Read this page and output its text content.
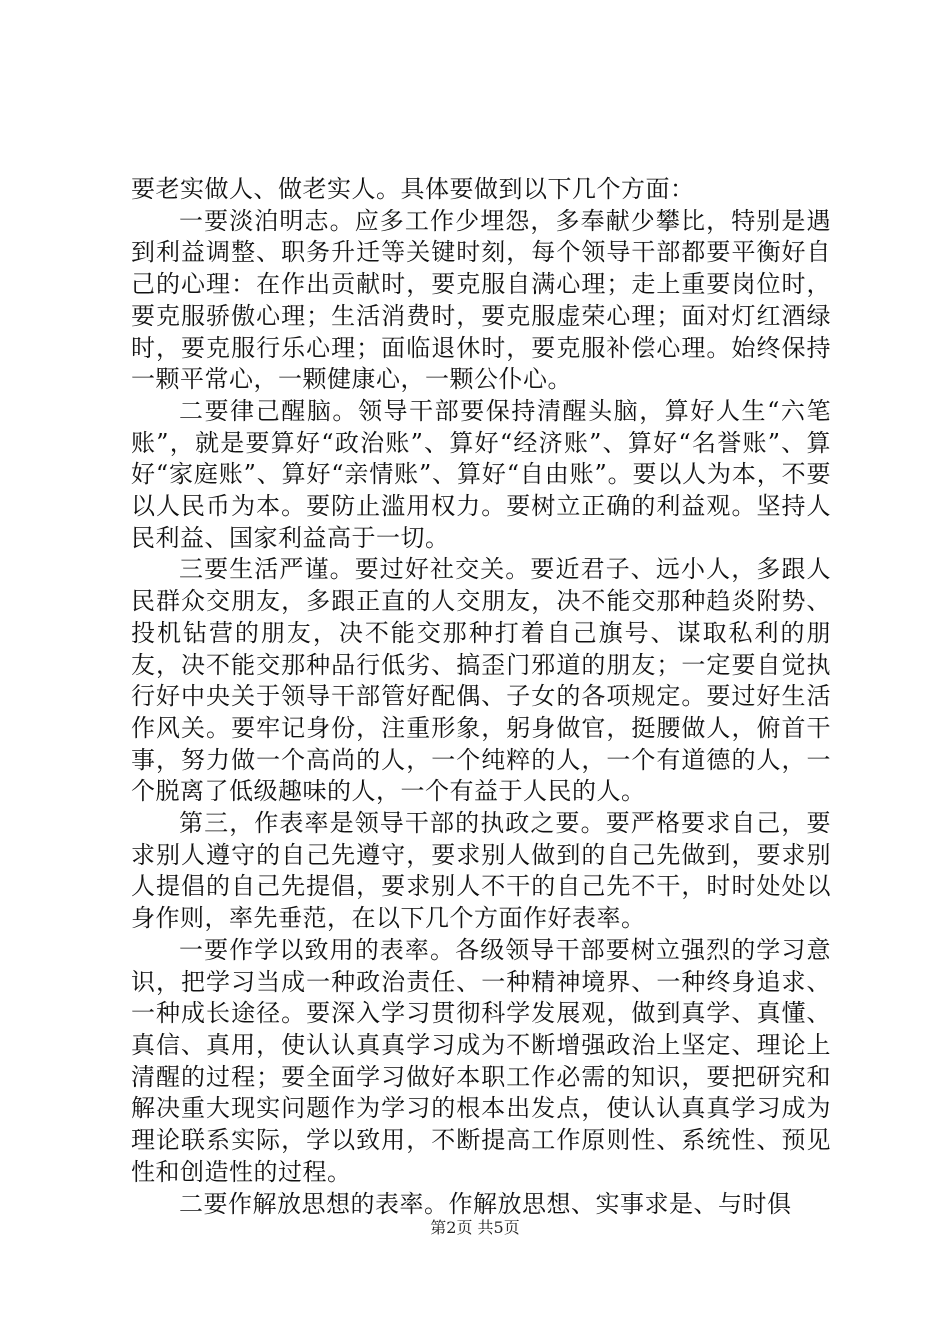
要老实做人、做老实人。具体要做到以下几个方面：

一要淡泊明志。应多工作少埋怨，多奉献少攀比，特别是遇到利益调整、职务升迁等关键时刻，每个领导干部都要平衡好自己的心理：在作出贡献时，要克服自满心理；走上重要岗位时，要克服骄傲心理；生活消费时，要克服虚荣心理；面对灯红酒绿时，要克服行乐心理；面临退休时，要克服补偿心理。始终保持一颗平常心，一颗健康心，一颗公仆心。

二要律己醒脑。领导干部要保持清醒头脑，算好人生“六笔账”，就是要算好“政治账”、算好“经济账”、算好“名誉账”、算好“家庭账”、算好“亲情账”、算好“自由账”。要以人为本，不要以人民币为本。要防止滥用权力。要树立正确的利益观。坚持人民利益、国家利益高于一切。

三要生活严谨。要过好社交关。要近君子、远小人，多跟人民群众交朋友，多跟正直的人交朋友，决不能交那种趋炎附势、投机钻营的朋友，决不能交那种打着自己旗号、谋取私利的朋友，决不能交那种品行低劣、搞歪门邪道的朋友；一定要自觉执行好中央关于领导干部管好配偶、子女的各项规定。要过好生活作风关。要牢记身份，注重形象，躬身做官，挺腰做人，俯首干事，努力做一个高尚的人，一个纯粹的人，一个有道德的人，一个脱离了低级趣味的人，一个有益于人民的人。

第三，作表率是领导干部的执政之要。要严格要求自己，要求别人遵守的自己先遵守，要求别人做到的自己先做到，要求别人提倡的自己先提倡，要求别人不干的自己先不干，时时处处以身作则，率先垂范，在以下几个方面作好表率。

一要作学以致用的表率。各级领导干部要树立强烈的学习意识，把学习当成一种政治责任、一种精神境界、一种终身追求、一种成长途径。要深入学习贯彻科学发展观，做到真学、真懂、真信、真用，使认认真真学习成为不断增强政治上坚定、理论上清醒的过程；要全面学习做好本职工作必需的知识，要把研究和解决重大现实问题作为学习的根本出发点，使认认真真学习成为理论联系实际，学以致用，不断提高工作原则性、系统性、预见性和创造性的过程。

二要作解放思想的表率。作解放思想、实事求是、与时俱

第2页 共5页
